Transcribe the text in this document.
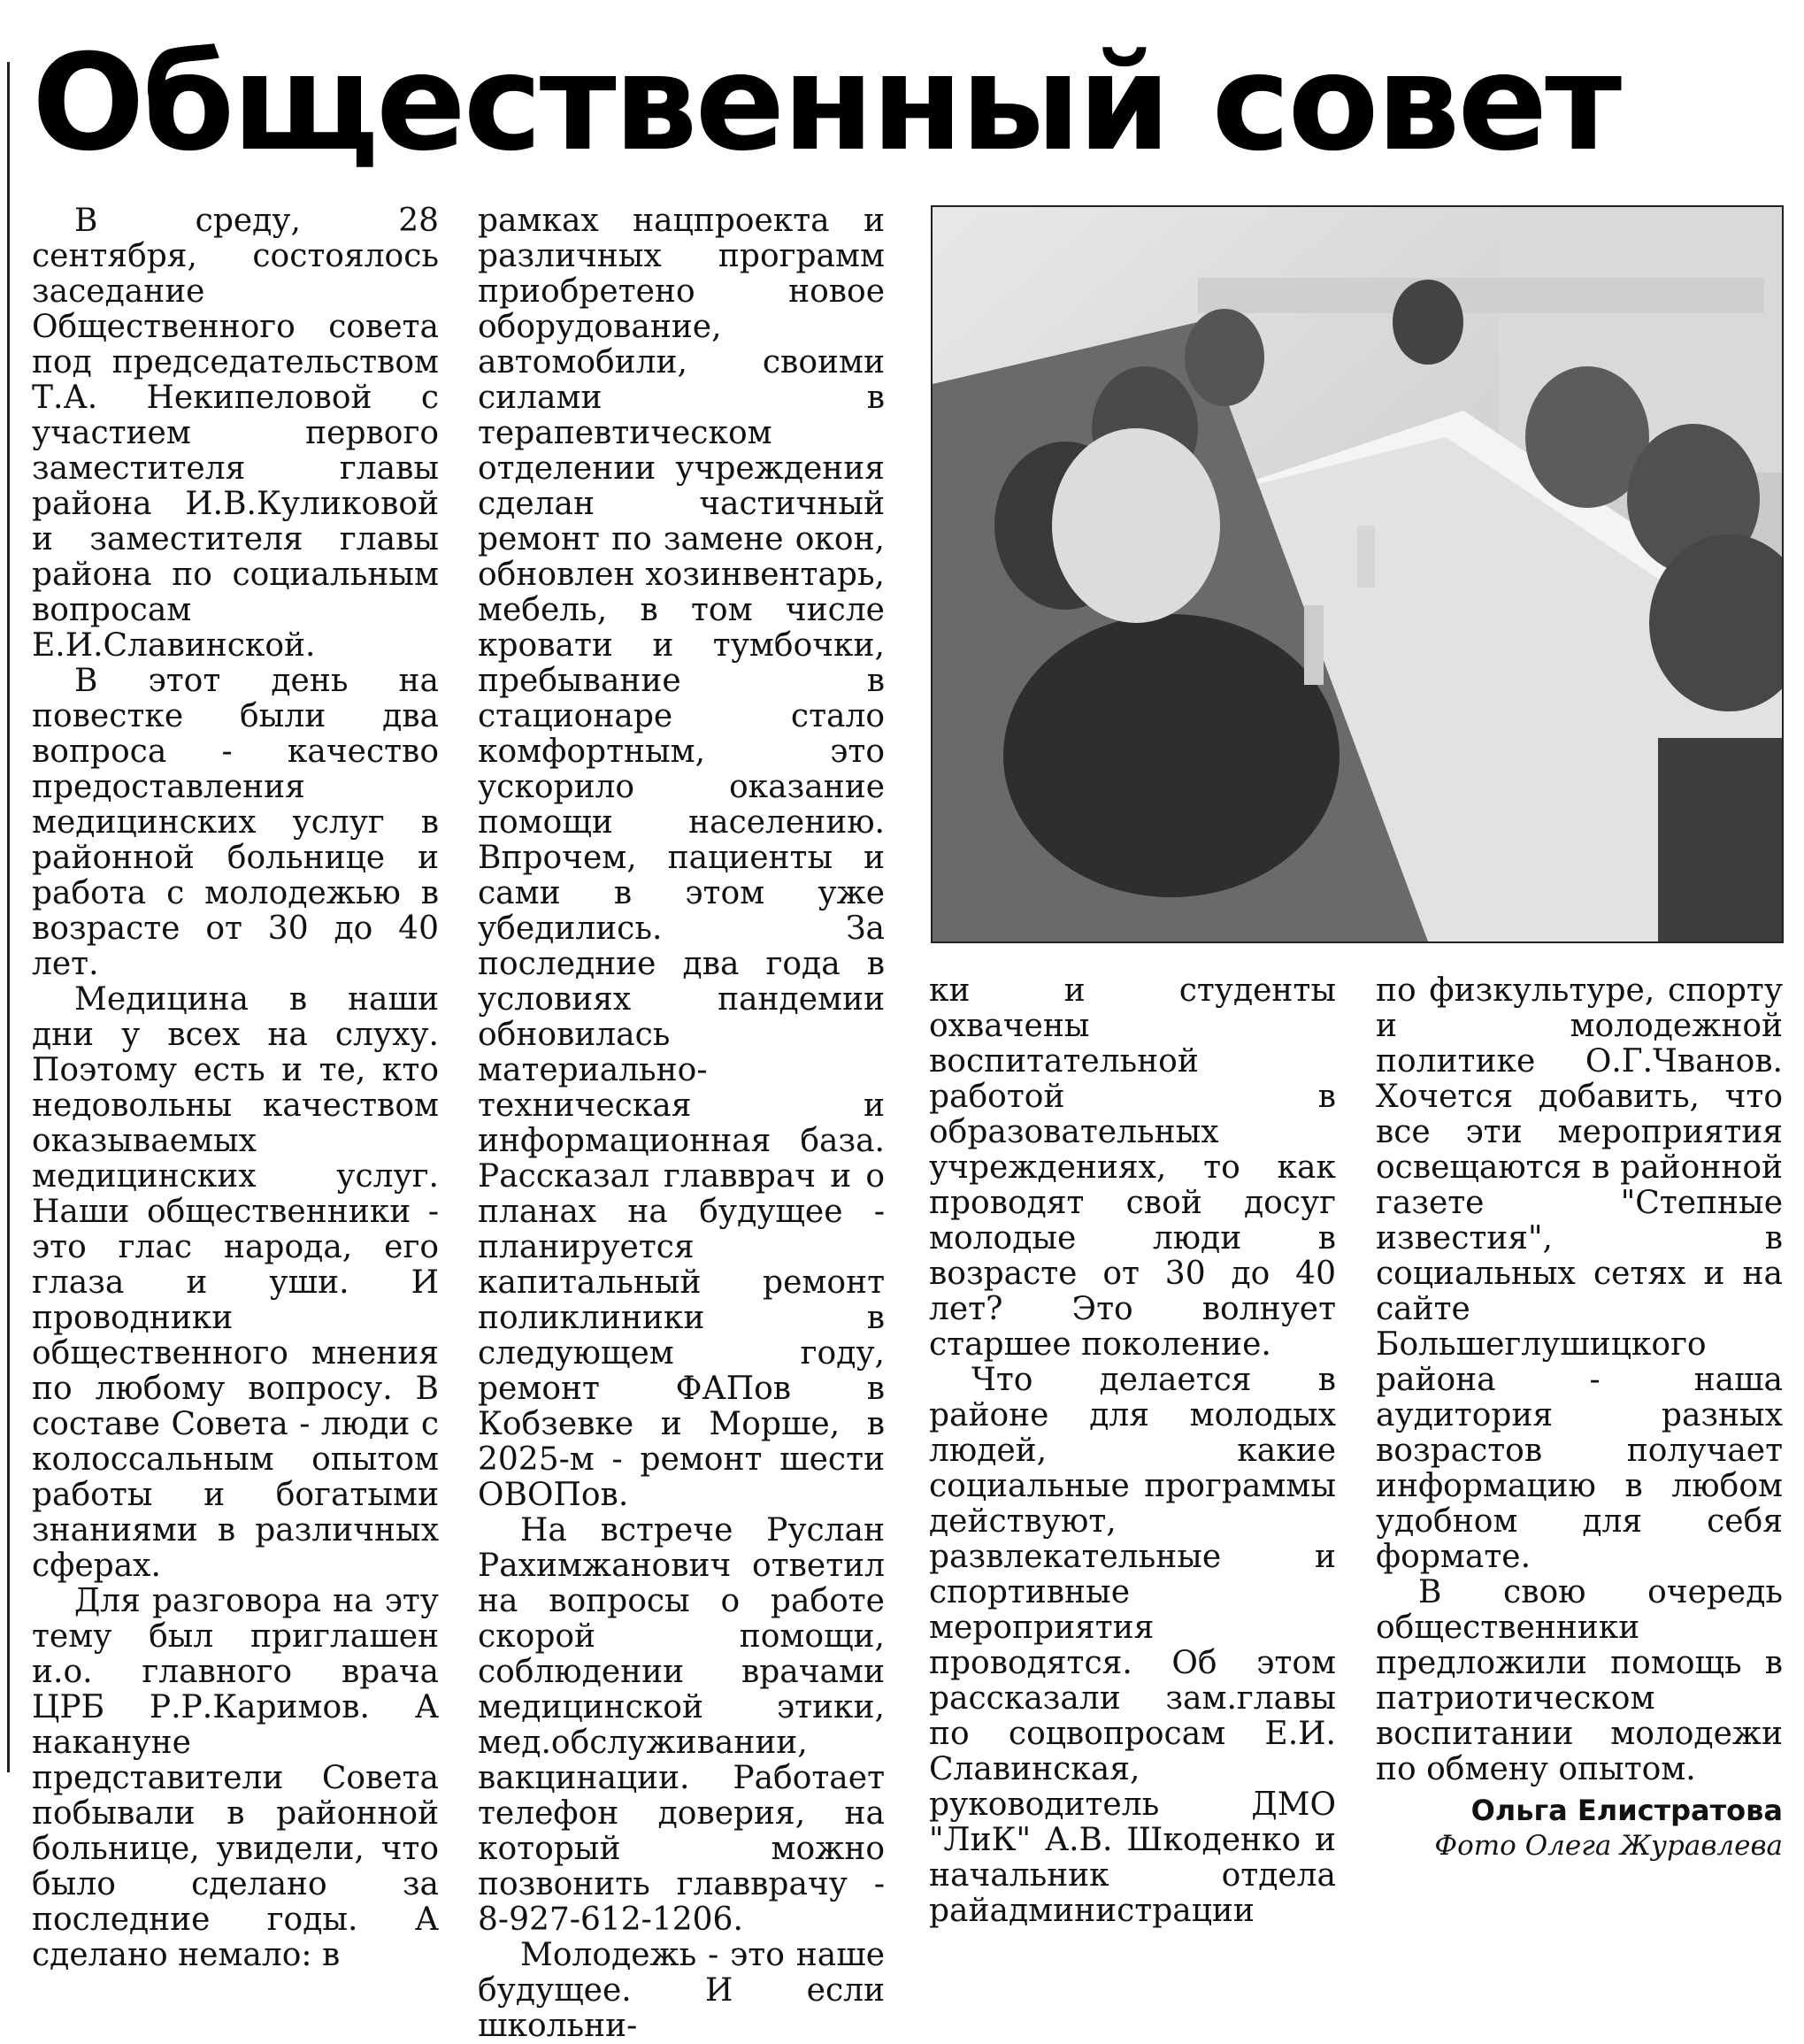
Общественный совет

В среду, 28 сентября, состоялось заседание Общественного совета под председательством Т.А. Некипеловой с участием первого заместителя главы района И.В.Куликовой и заместителя главы района по социальным вопросам Е.И.Славинской.

В этот день на повестке были два вопроса - качество предоставления медицинских услуг в районной больнице и работа с молодежью в возрасте от 30 до 40 лет.

Медицина в наши дни у всех на слуху. Поэтому есть и те, кто недовольны качеством оказываемых медицинских услуг. Наши общественники - это глас народа, его глаза и уши. И проводники общественного мнения по любому вопросу. В составе Совета - люди с колоссальным опытом работы и богатыми знаниями в различных сферах.

Для разговора на эту тему был приглашен и.о. главного врача ЦРБ Р.Р.Каримов. А накануне представители Совета побывали в районной больнице, увидели, что было сделано за последние годы. А сделано немало: в

рамках нацпроекта и различных программ приобретено новое оборудование, автомобили, своими силами в терапевтическом отделении учреждения сделан частичный ремонт по замене окон, обновлен хозинвентарь, мебель, в том числе кровати и тумбочки, пребывание в стационаре стало комфортным, это ускорило оказание помощи населению. Впрочем, пациенты и сами в этом уже убедились. За последние два года в условиях пандемии обновилась материально-техническая и информационная база. Рассказал главврач и о планах на будущее - планируется капитальный ремонт поликлиники в следующем году, ремонт ФАПов в Кобзевке и Морше, в 2025-м - ремонт шести ОВОПов.

На встрече Руслан Рахимжанович ответил на вопросы о работе скорой помощи, соблюдении врачами медицинской этики, мед.обслуживании, вакцинации. Работает телефон доверия, на который можно позвонить главврачу - 8-927-612-1206.

Молодежь - это наше будущее. И если школьни-

ки и студенты охвачены воспитательной работой в образовательных учреждениях, то как проводят свой досуг молодые люди в возрасте от 30 до 40 лет? Это волнует старшее поколение.

Что делается в районе для молодых людей, какие социальные программы действуют, развлекательные и спортивные мероприятия проводятся. Об этом рассказали зам.главы по соцвопросам Е.И. Славинская, руководитель ДМО "ЛиК" А.В. Шкоденко и начальник отдела райадминистрации

по физкультуре, спорту и молодежной политике О.Г.Чванов. Хочется добавить, что все эти мероприятия освещаются в районной газете "Степные известия", в социальных сетях и на сайте Большеглушицкого района - наша аудитория разных возрастов получает информацию в любом удобном для себя формате.

В свою очередь общественники предложили помощь в патриотическом воспитании молодежи по обмену опытом.

Ольга Елистратова
Фото Олега Журавлева
